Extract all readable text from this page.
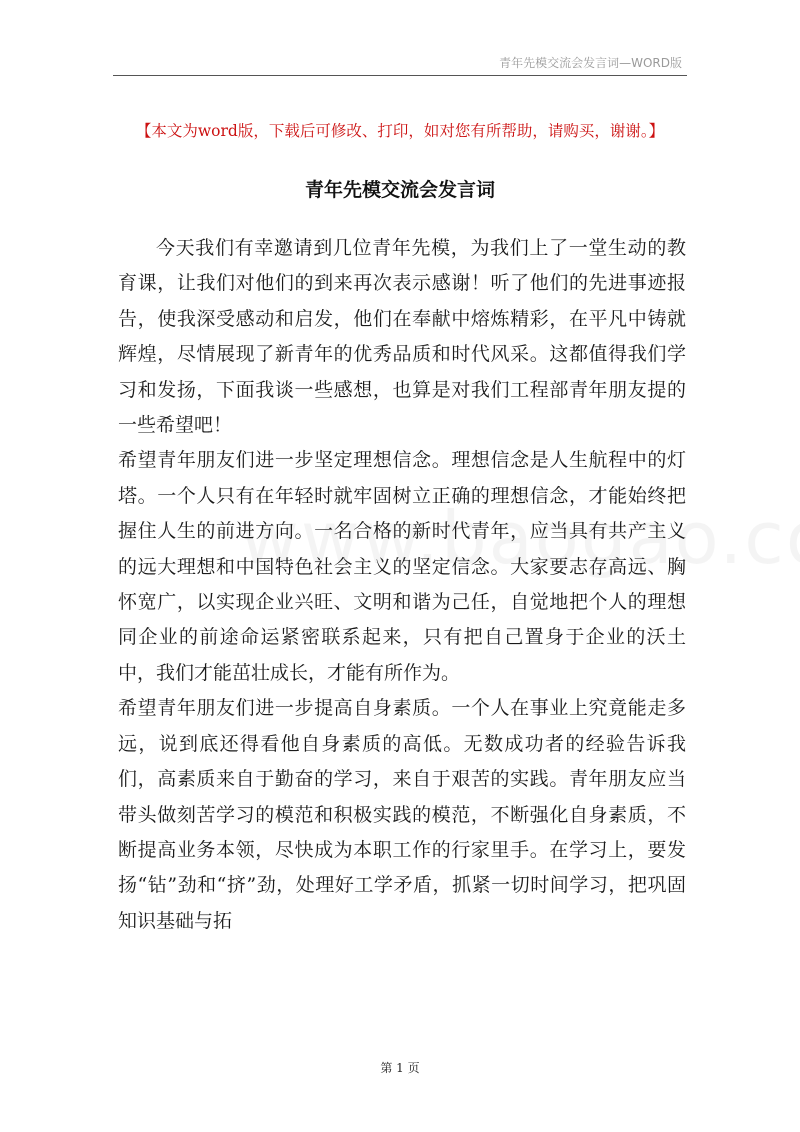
青年先模交流会发言词—WORD版
【本文为word版，下载后可修改、打印，如对您有所帮助，请购买，谢谢。】
青年先模交流会发言词

今天我们有幸邀请到几位青年先模，为我们上了一堂生动的教育课，让我们对他们的到来再次表示感谢！听了他们的先进事迹报告，使我深受感动和启发，他们在奉献中熔炼精彩，在平凡中铸就辉煌，尽情展现了新青年的优秀品质和时代风采。这都值得我们学习和发扬，下面我谈一些感想，也算是对我们工程部青年朋友提的一些希望吧！

希望青年朋友们进一步坚定理想信念。理想信念是人生航程中的灯塔。一个人只有在年轻时就牢固树立正确的理想信念，才能始终把握住人生的前进方向。一名合格的新时代青年，应当具有共产主义的远大理想和中国特色社会主义的坚定信念。大家要志存高远、胸怀宽广，以实现企业兴旺、文明和谐为己任，自觉地把个人的理想同企业的前途命运紧密联系起来，只有把自己置身于企业的沃土中，我们才能茁壮成长，才能有所作为。

希望青年朋友们进一步提高自身素质。一个人在事业上究竟能走多远，说到底还得看他自身素质的高低。无数成功者的经验告诉我们，高素质来自于勤奋的学习，来自于艰苦的实践。青年朋友应当带头做刻苦学习的模范和积极实践的模范，不断强化自身素质，不断提高业务本领，尽快成为本职工作的行家里手。在学习上，要发扬“钻”劲和“挤”劲，处理好工学矛盾，抓紧一切时间学习，把巩固知识基础与拓

第 1 页
